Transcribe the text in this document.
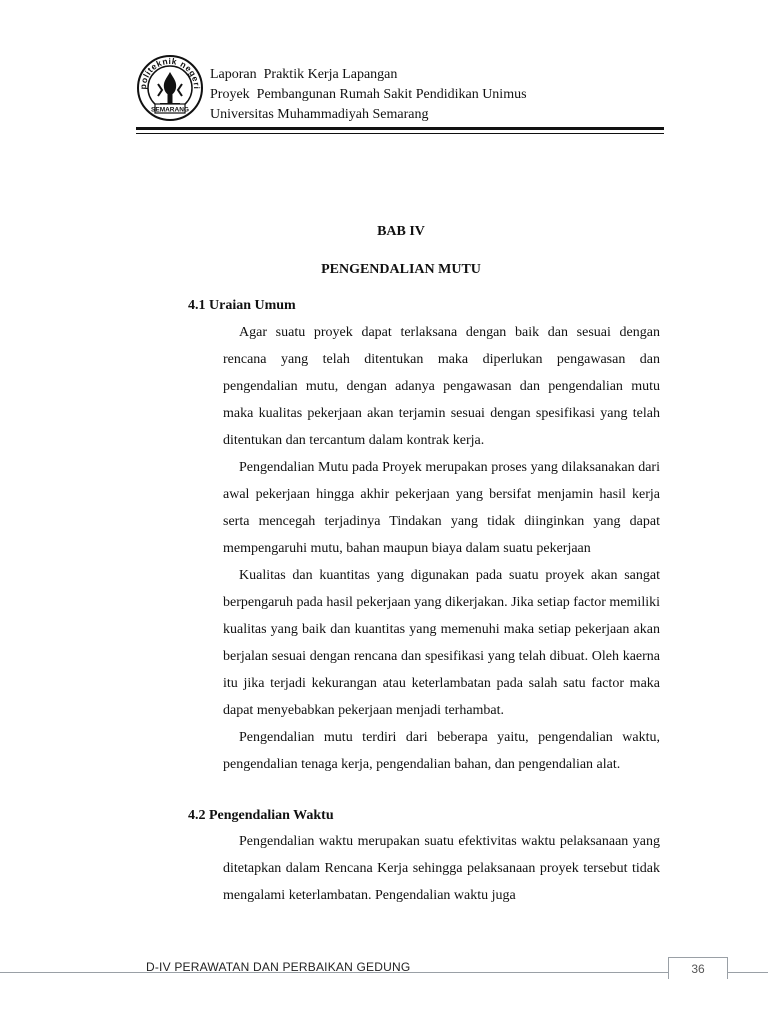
politeknik negeri
SEMARANG
Laporan  Praktik Kerja Lapangan
Proyek  Pembangunan Rumah Sakit Pendidikan Unimus
Universitas Muhammadiyah Semarang
BAB IV
PENGENDALIAN MUTU
4.1 Uraian Umum

Agar suatu proyek dapat terlaksana dengan baik dan sesuai dengan rencana yang telah ditentukan maka diperlukan pengawasan dan pengendalian mutu, dengan adanya pengawasan dan pengendalian mutu maka kualitas pekerjaan akan terjamin sesuai dengan spesifikasi yang telah ditentukan dan tercantum dalam kontrak kerja.

Pengendalian Mutu pada Proyek merupakan proses yang dilaksanakan dari awal pekerjaan hingga akhir pekerjaan yang bersifat menjamin hasil kerja serta mencegah terjadinya Tindakan yang tidak diinginkan yang dapat mempengaruhi mutu, bahan maupun biaya dalam suatu pekerjaan

Kualitas dan kuantitas yang digunakan pada suatu proyek akan sangat berpengaruh pada hasil pekerjaan yang dikerjakan. Jika setiap factor memiliki kualitas yang baik dan kuantitas yang memenuhi maka setiap pekerjaan akan berjalan sesuai dengan rencana dan spesifikasi yang telah dibuat. Oleh kaerna itu jika terjadi kekurangan atau keterlambatan pada salah satu factor maka dapat menyebabkan pekerjaan menjadi terhambat.

Pengendalian mutu terdiri dari beberapa yaitu, pengendalian waktu, pengendalian tenaga kerja, pengendalian bahan, dan pengendalian alat.

4.2 Pengendalian Waktu

Pengendalian waktu merupakan suatu efektivitas waktu pelaksanaan yang ditetapkan dalam Rencana Kerja sehingga pelaksanaan proyek tersebut tidak mengalami keterlambatan. Pengendalian waktu juga

D-IV PERAWATAN DAN PERBAIKAN GEDUNG	36
